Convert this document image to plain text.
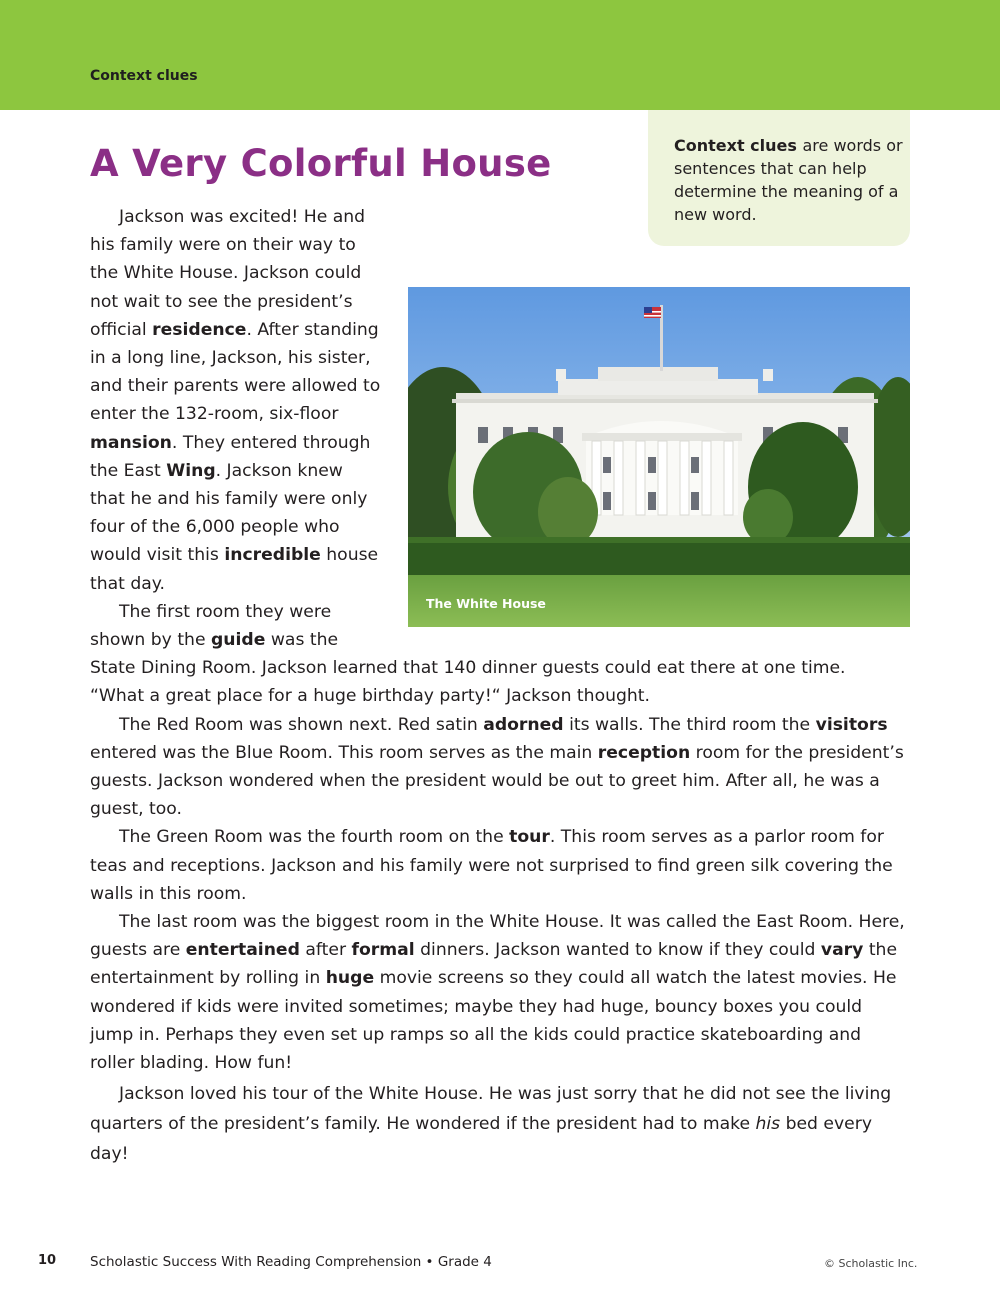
Context clues
Context clues are words or sentences that can help determine the meaning of a new word.
A Very Colorful House
The White House

Jackson was excited! He and his family were on their way to the White House. Jackson could not wait to see the president’s official residence. After standing in a long line, Jackson, his sister, and their parents were allowed to enter the 132-room, six-floor mansion. They entered through the East Wing. Jackson knew that he and his family were only four of the 6,000 people who would visit this incredible house that day.

The first room they were shown by the guide was the State Dining Room. Jackson learned that 140 dinner guests could eat there at one time.

“What a great place for a huge birthday party!“ Jackson thought.

The Red Room was shown next. Red satin adorned its walls. The third room the visitors entered was the Blue Room. This room serves as the main reception room for the president’s guests. Jackson wondered when the president would be out to greet him. After all, he was a guest, too.

The Green Room was the fourth room on the tour. This room serves as a parlor room for teas and receptions. Jackson and his family were not surprised to find green silk covering the walls in this room.

The last room was the biggest room in the White House. It was called the East Room. Here, guests are entertained after formal dinners. Jackson wanted to know if they could vary the entertainment by rolling in huge movie screens so they could all watch the latest movies. He wondered if kids were invited sometimes; maybe they had huge, bouncy boxes you could jump in. Perhaps they even set up ramps so all the kids could practice skateboarding and roller blading. How fun!

Jackson loved his tour of the White House. He was just sorry that he did not see the living quarters of the president’s family. He wondered if the president had to make his bed every day!

10	Scholastic Success With Reading Comprehension • Grade 4	© Scholastic Inc.
